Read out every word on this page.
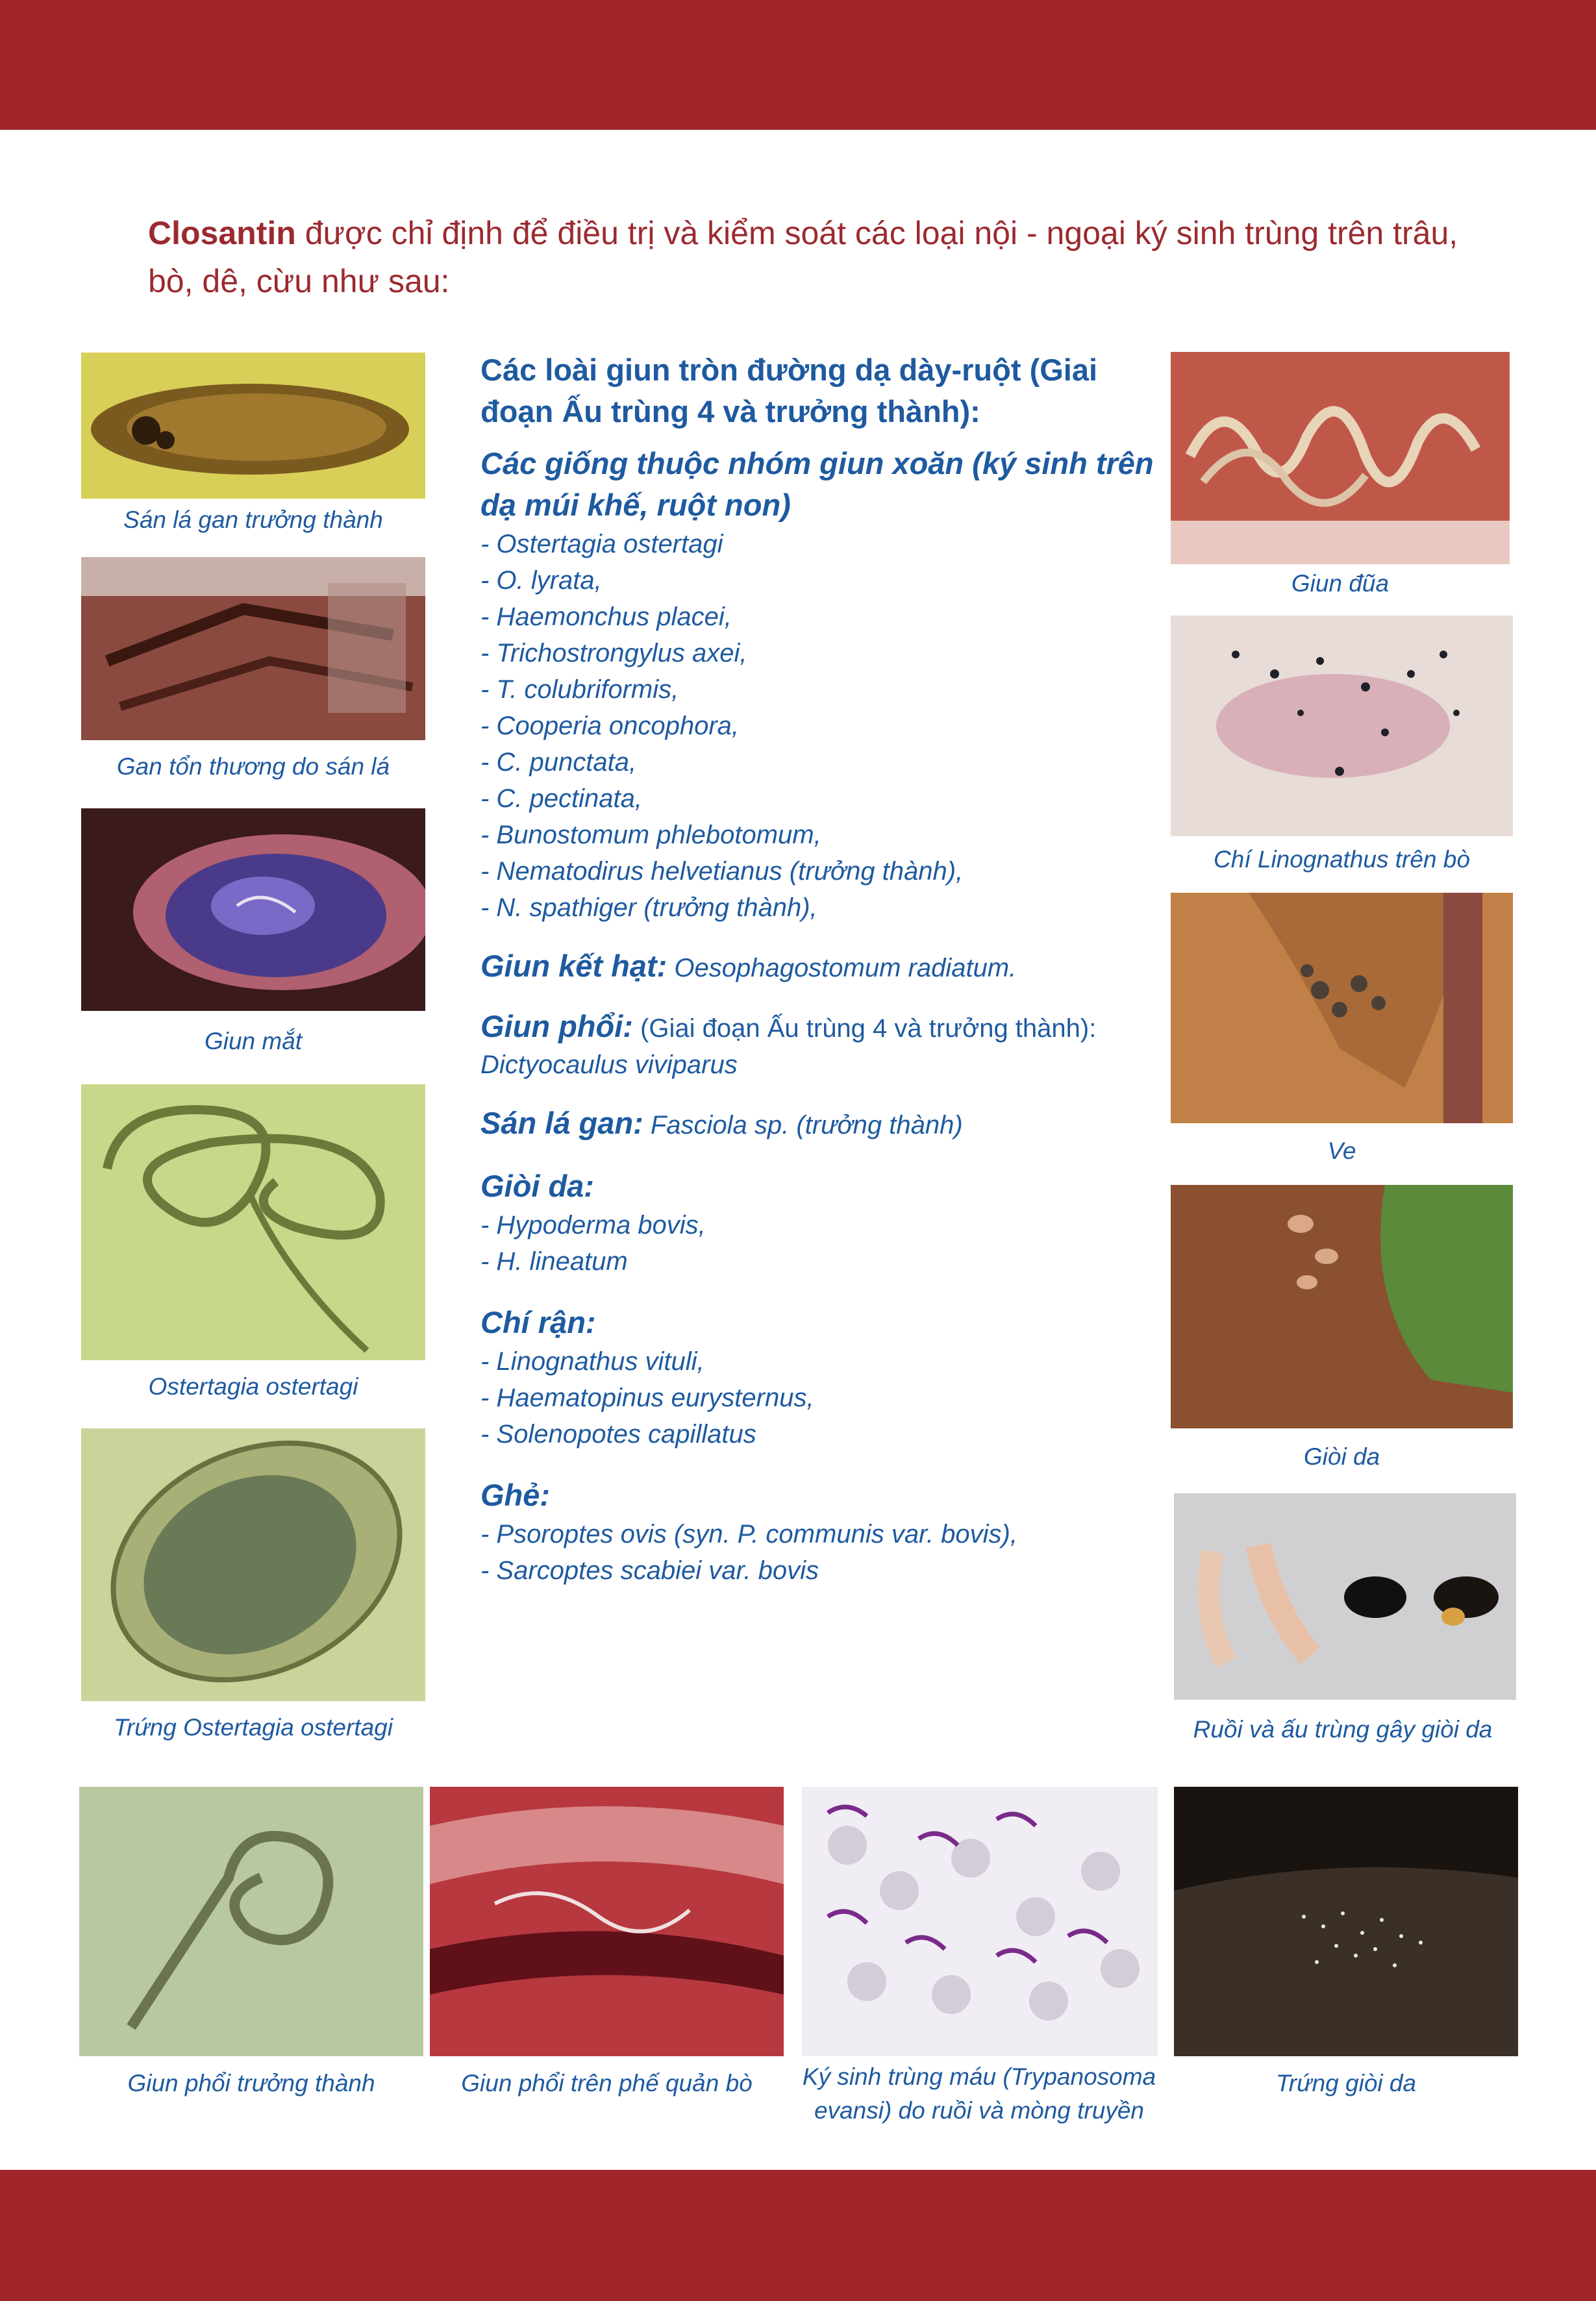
Closantin được chỉ định để điều trị và kiểm soát các loại nội - ngoại ký sinh trùng trên trâu, bò, dê, cừu như sau:

Sán lá gan trưởng thành
Gan tổn thương do sán lá
Giun mắt
Ostertagia ostertagi
Trứng Ostertagia ostertagi
Giun đũa
Chí Linognathus trên bò
Ve
Giòi da
Ruồi và ấu trùng gây giòi da
Giun phổi trưởng thành	Giun phổi trên phế quản bò	Ký sinh trùng máu (Trypanosoma evansi) do ruồi và mòng truyền
Trứng giòi da
Các loài giun tròn đường dạ dày-ruột (Giai đoạn Ấu trùng 4 và trưởng thành):
Các giống thuộc nhóm giun xoăn (ký sinh trên dạ múi khế, ruột non)
- Ostertagia ostertagi
- O. lyrata,
- Haemonchus placei,
- Trichostrongylus axei,
- T. colubriformis,
- Cooperia oncophora,
- C. punctata,
- C. pectinata,
- Bunostomum phlebotomum,
- Nematodirus helvetianus (trưởng thành),
- N. spathiger (trưởng thành),

Giun kết hạt: Oesophagostomum radiatum.

Giun phổi: (Giai đoạn Ấu trùng 4 và trưởng thành):

Dictyocaulus viviparus

Sán lá gan: Fasciola sp. (trưởng thành)

Giòi da:
- Hypoderma bovis,
- H. lineatum
Chí rận:
- Linognathus vituli,
- Haematopinus eurysternus,
- Solenopotes capillatus
Ghẻ:
- Psoroptes ovis (syn. P. communis var. bovis),
- Sarcoptes scabiei var. bovis
